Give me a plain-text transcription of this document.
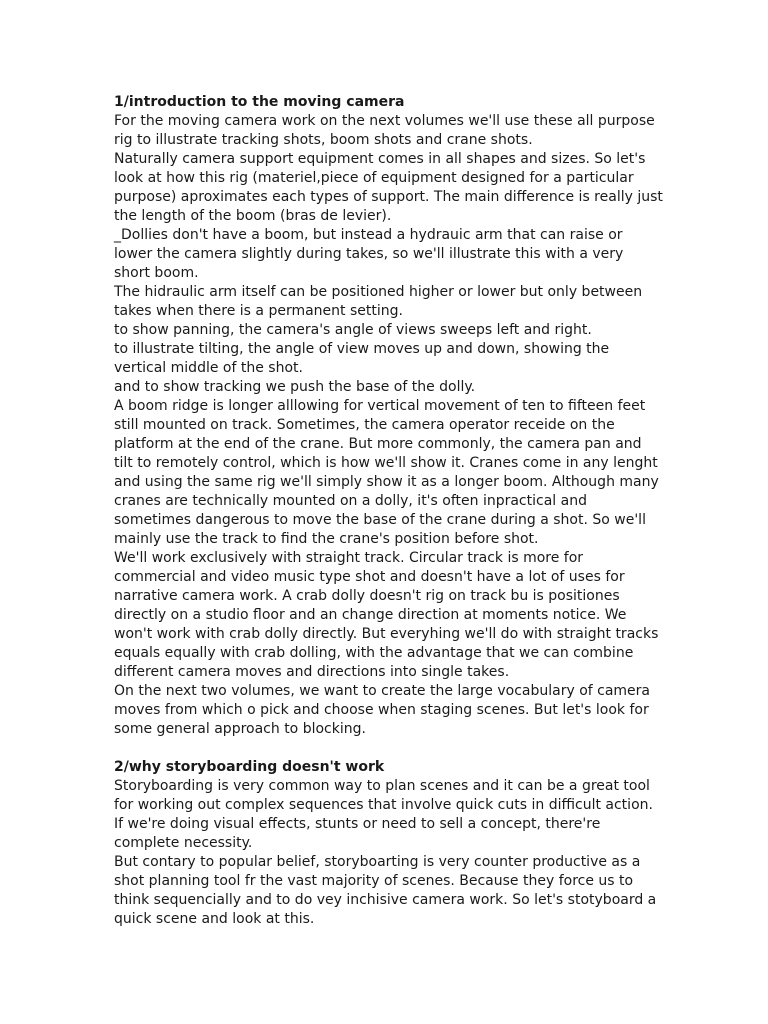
1/introduction to the moving camera
For the moving camera work on the next volumes we'll use these all purpose
rig to illustrate tracking shots, boom shots and crane shots.
Naturally camera support equipment comes in all shapes and sizes. So let's
look at how this rig (materiel,piece of equipment designed for a particular
purpose) aproximates each types of support. The main difference is really just
the length of the boom (bras de levier).
_Dollies don't have a boom, but instead a hydrauic arm that can raise or
lower the camera slightly during takes, so we'll illustrate this with a very
short boom.
The hidraulic arm itself can be positioned higher or lower but only between
takes when there is a permanent setting.
to show panning, the camera's angle of views sweeps left and right.
to illustrate tilting, the angle of view moves up and down, showing the
vertical middle of the shot.
and to show tracking we push the base of the dolly.
A boom ridge is longer alllowing for vertical movement of ten to fifteen feet
still mounted on track. Sometimes, the camera operator receide on the
platform at the end of the crane. But more commonly, the camera pan and
tilt to remotely control, which is how we'll show it. Cranes come in any lenght
and using the same rig we'll simply show it as a longer boom. Although many
cranes are technically mounted on a dolly, it's often inpractical and
sometimes dangerous to move the base of the crane during a shot. So we'll
mainly use the track to find the crane's position before shot.
We'll work exclusively with straight track. Circular track is more for
commercial and video music type shot and doesn't have a lot of uses for
narrative camera work. A crab dolly doesn't rig on track bu is positiones
directly on a studio floor and an change direction at moments notice. We
won't work with crab dolly directly. But everyhing we'll do with straight tracks
equals equally with crab dolling, with the advantage that we can combine
different camera moves and directions into single takes.
On the next two volumes, we want to create the large vocabulary of camera
moves from which o pick and choose when staging scenes. But let's look for
some general approach to blocking.
2/why storyboarding doesn't work
Storyboarding is very common way to plan scenes and it can be a great tool
for working out complex sequences that involve quick cuts in difficult action.
If we're doing visual effects, stunts or need to sell a concept, there're
complete necessity.
But contary to popular belief, storyboarting is very counter productive as a
shot planning tool fr the vast majority of scenes. Because they force us to
think sequencially and to do vey inchisive camera work. So let's stotyboard a
quick scene and look at this.
